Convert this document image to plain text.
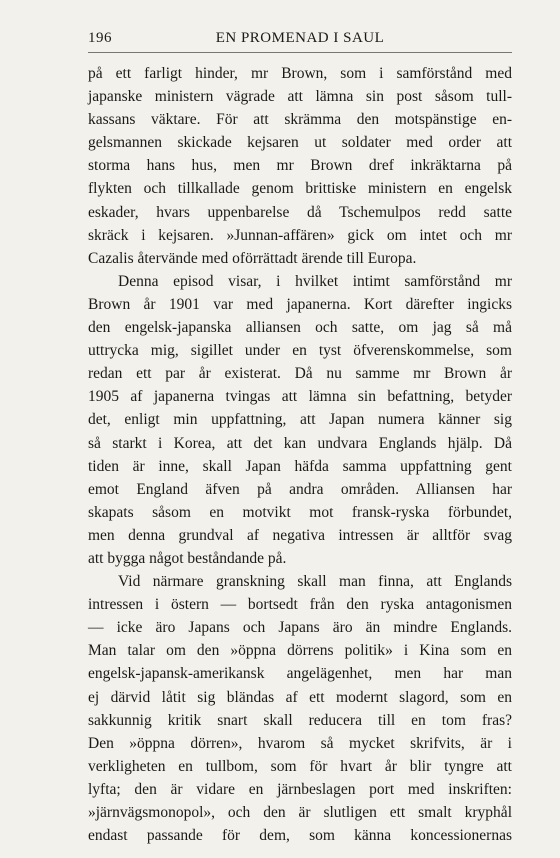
196	EN PROMENAD I SAUL
på ett farligt hinder, mr Brown, som i samförstånd med
japanske ministern vägrade att lämna sin post såsom tull-
kassans väktare. För att skrämma den motspänstige en-
gelsmannen skickade kejsaren ut soldater med order att
storma hans hus, men mr Brown dref inkräktarna på
flykten och tillkallade genom brittiske ministern en engelsk
eskader, hvars uppenbarelse då Tschemulpos redd satte
skräck i kejsaren. »Junnan-affären» gick om intet och mr
Cazalis återvände med oförrättadt ärende till Europa.
Denna episod visar, i hvilket intimt samförstånd mr
Brown år 1901 var med japanerna. Kort därefter ingicks
den engelsk-japanska alliansen och satte, om jag så må
uttrycka mig, sigillet under en tyst öfverenskommelse, som
redan ett par år existerat. Då nu samme mr Brown år
1905 af japanerna tvingas att lämna sin befattning, betyder
det, enligt min uppfattning, att Japan numera känner sig
så starkt i Korea, att det kan undvara Englands hjälp. Då
tiden är inne, skall Japan häfda samma uppfattning gent
emot England äfven på andra områden. Alliansen har
skapats såsom en motvikt mot fransk-ryska förbundet,
men denna grundval af negativa intressen är alltför svag
att bygga något beståndande på.
Vid närmare granskning skall man finna, att Englands
intressen i östern — bortsedt från den ryska antagonismen
— icke äro Japans och Japans äro än mindre Englands.
Man talar om den »öppna dörrens politik» i Kina som en
engelsk-japansk-amerikansk angelägenhet, men har man
ej därvid låtit sig bländas af ett modernt slagord, som en
sakkunnig kritik snart skall reducera till en tom fras?
Den »öppna dörren», hvarom så mycket skrifvits, är i
verkligheten en tullbom, som för hvart år blir tyngre att
lyfta; den är vidare en järnbeslagen port med inskriften:
»järnvägsmonopol», och den är slutligen ett smalt kryphål
endast passande för dem, som känna koncessionernas
